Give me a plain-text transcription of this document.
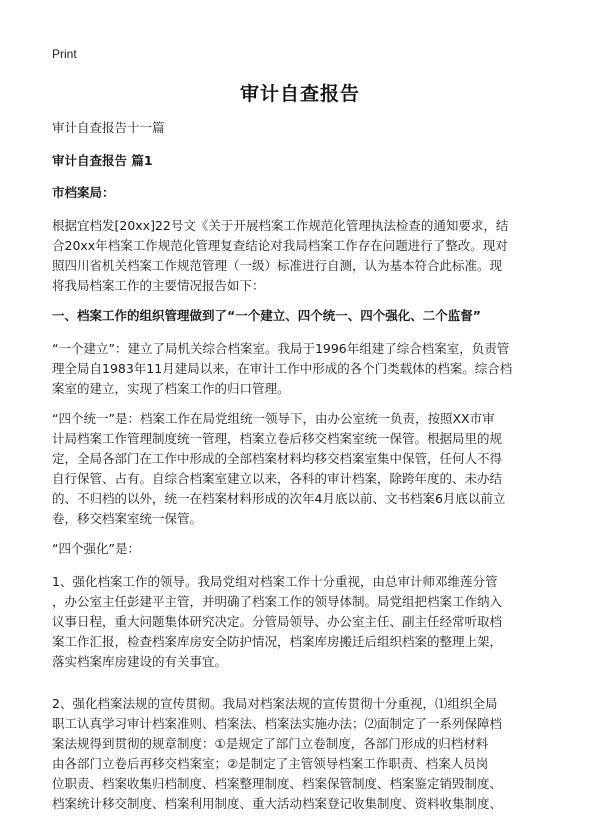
Print
审计自查报告
审计自查报告十一篇
审计自查报告 篇1
市档案局：
根据宜档发[20xx]22号文《关于开展档案工作规范化管理执法检查的通知要求，结
合20xx年档案工作规范化管理复查结论对我局档案工作存在问题进行了整改。现对
照四川省机关档案工作规范管理（一级）标准进行自测，认为基本符合此标准。现
将我局档案工作的主要情况报告如下：
一、档案工作的组织管理做到了“一个建立、四个统一、四个强化、二个监督”
“一个建立”：建立了局机关综合档案室。我局于1996年组建了综合档案室，负责管
理全局自1983年11月建局以来，在审计工作中形成的各个门类载体的档案。综合档
案室的建立，实现了档案工作的归口管理。
“四个统一”是：档案工作在局党组统一领导下，由办公室统一负责，按照XX市审
计局档案工作管理制度统一管理，档案立卷后移交档案室统一保管。根据局里的规
定，全局各部门在工作中形成的全部档案材料均移交档案室集中保管，任何人不得
自行保管、占有。自综合档案室建立以来，各科的审计档案，除跨年度的、未办结
的、不归档的以外，统一在档案材料形成的次年4月底以前、文书档案6月底以前立
卷，移交档案室统一保管。
“四个强化”是：
1、强化档案工作的领导。我局党组对档案工作十分重视，由总审计师邓维莲分管
，办公室主任彭建平主管，并明确了档案工作的领导体制。局党组把档案工作纳入
议事日程，重大问题集体研究决定。分管局领导、办公室主任、副主任经常听取档
案工作汇报，检查档案库房安全防护情况，档案库房搬迁后组织档案的整理上架，
落实档案库房建设的有关事宜。
2、强化档案法规的宣传贯彻。我局对档案法规的宣传贯彻十分重视，⑴组织全局
职工认真学习审计档案准则、档案法、档案法实施办法；⑵面制定了一系列保障档
案法规得到贯彻的规章制度：①是规定了部门立卷制度，各部门形成的归档材料
由各部门立卷后再移交档案室；②是制定了主管领导档案工作职责、档案人员岗
位职责、档案收集归档制度、档案整理制度、档案保管制度、档案鉴定销毁制度、
档案统计移交制度、档案利用制度、重大活动档案登记收集制度、资料收集制度、
